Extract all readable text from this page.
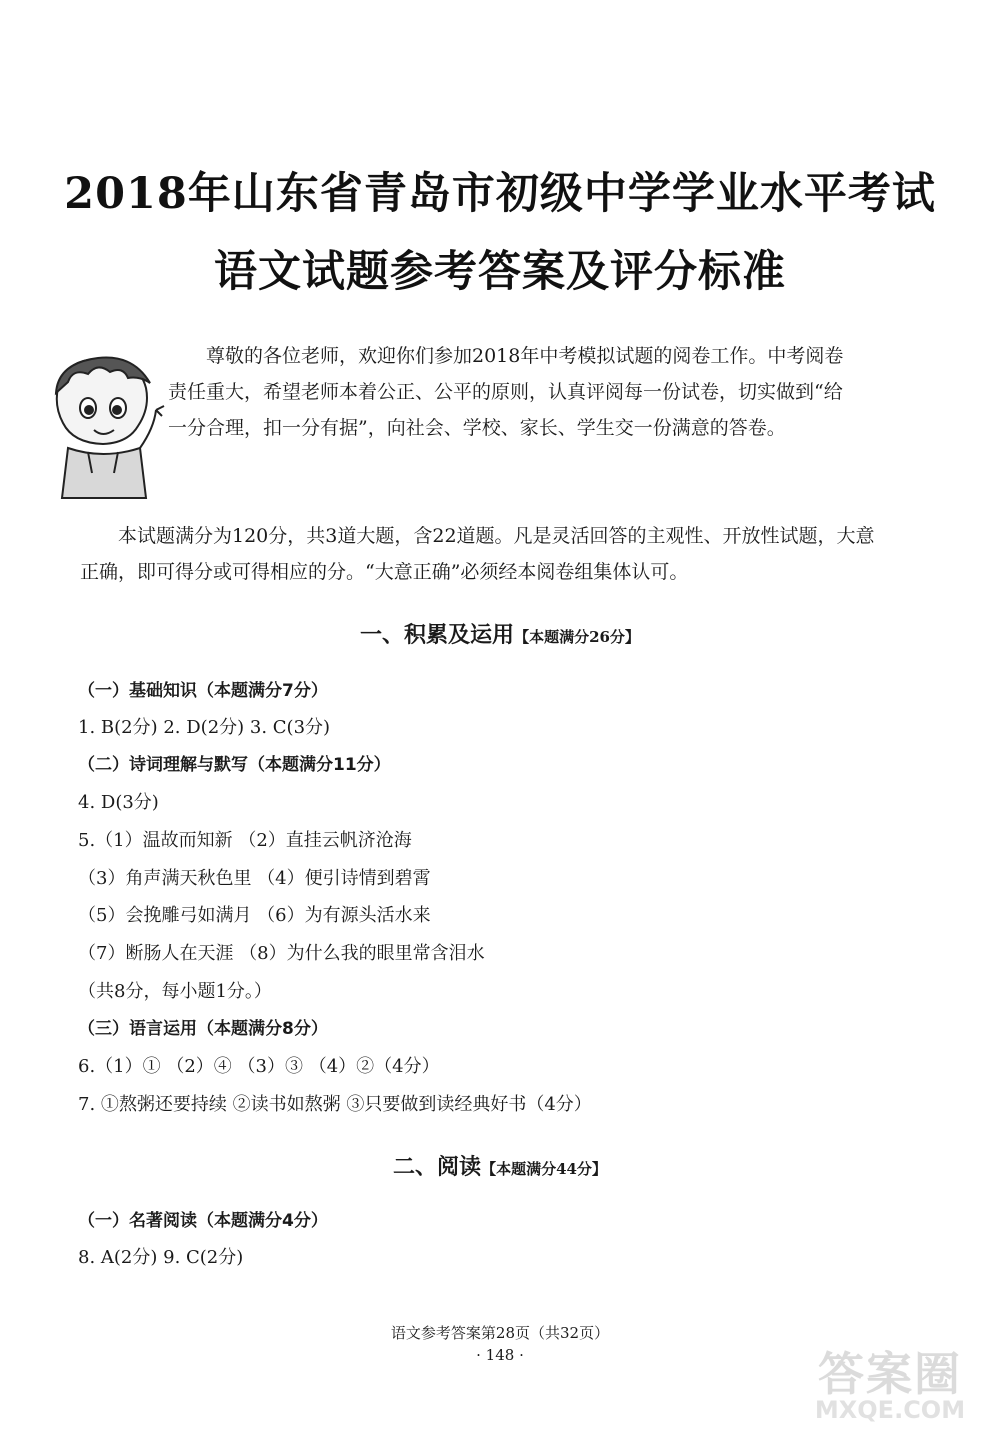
2018年山东省青岛市初级中学学业水平考试
语文试题参考答案及评分标准
尊敬的各位老师，欢迎你们参加2018年中考模拟试题的阅卷工作。中考阅卷责任重大，希望老师本着公正、公平的原则，认真评阅每一份试卷，切实做到“给一分合理，扣一分有据”，向社会、学校、家长、学生交一份满意的答卷。
本试题满分为120分，共3道大题，含22道题。凡是灵活回答的主观性、开放性试题，大意正确，即可得分或可得相应的分。“大意正确”必须经本阅卷组集体认可。
一、积累及运用【本题满分26分】
（一）基础知识（本题满分7分）
1. B(2分) 2. D(2分) 3. C(3分)
（二）诗词理解与默写（本题满分11分）
4. D(3分)
5.（1）温故而知新 （2）直挂云帆济沧海
（3）角声满天秋色里 （4）便引诗情到碧霄
（5）会挽雕弓如满月 （6）为有源头活水来
（7）断肠人在天涯 （8）为什么我的眼里常含泪水
（共8分，每小题1分。）
（三）语言运用（本题满分8分）
6.（1）① （2）④ （3）③ （4）②（4分）
7. ①熬粥还要持续 ②读书如熬粥 ③只要做到读经典好书（4分）
二、阅读【本题满分44分】
（一）名著阅读（本题满分4分）
8. A(2分) 9. C(2分)
语文参考答案第28页（共32页）
· 148 ·	答案圈
MXQE.COM
